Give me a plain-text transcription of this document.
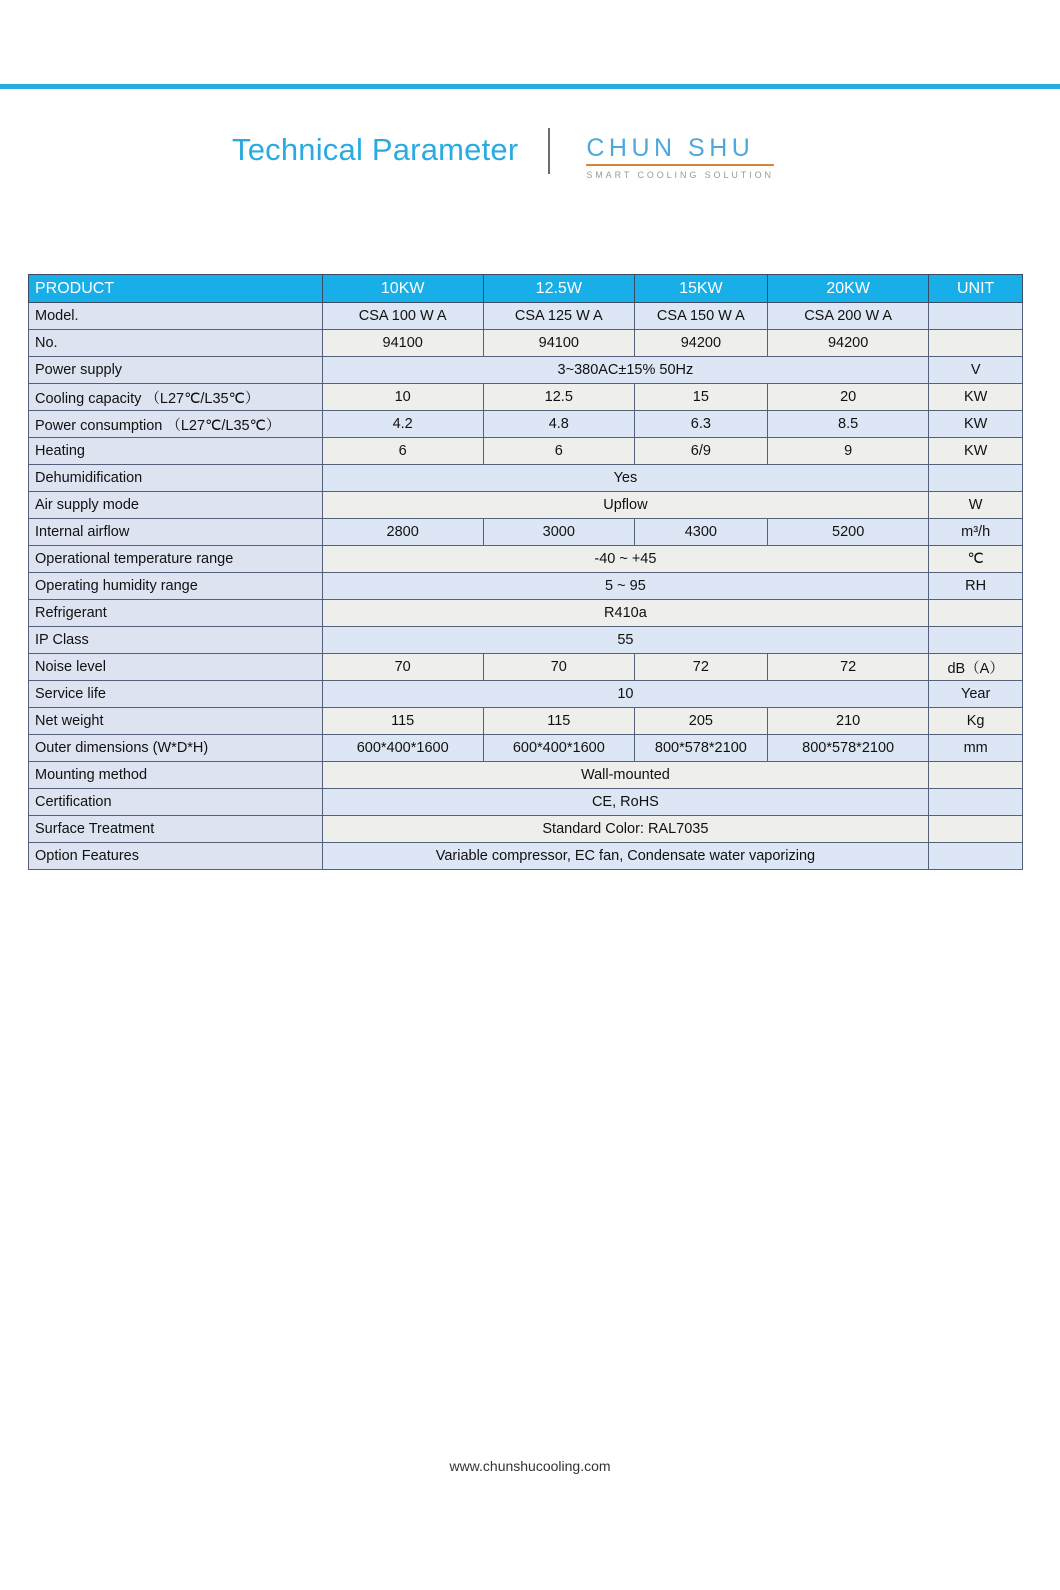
Technical Parameter	CHUN SHU
SMART COOLING SOLUTION
PRODUCT	10KW	12.5W	15KW	20KW	UNIT
Model.	CSA 100 W A	CSA 125 W A	CSA 150 W A	CSA 200 W A	
No.	94100	94100	94200	94200	
Power supply	3~380AC±15% 50Hz				V
Cooling capacity （L27℃/L35℃）	10	12.5	15	20	KW
Power consumption （L27℃/L35℃）	4.2	4.8	6.3	8.5	KW
Heating	6	6	6/9	9	KW
Dehumidification	Yes				
Air supply mode	Upflow				W
Internal airflow	2800	3000	4300	5200	m³/h
Operational temperature range	-40 ~ +45				℃
Operating humidity range	5 ~ 95				RH
Refrigerant	R410a				
IP Class	55				
Noise level	70	70	72	72	dB（A）
Service life	10				Year
Net weight	115	115	205	210	Kg
Outer dimensions (W*D*H)	600*400*1600	600*400*1600	800*578*2100	800*578*2100	mm
Mounting method	Wall-mounted				
Certification	CE, RoHS				
Surface Treatment	Standard Color: RAL7035				
Option Features	Variable compressor, EC fan, Condensate water vaporizing				
www.chunshucooling.com
